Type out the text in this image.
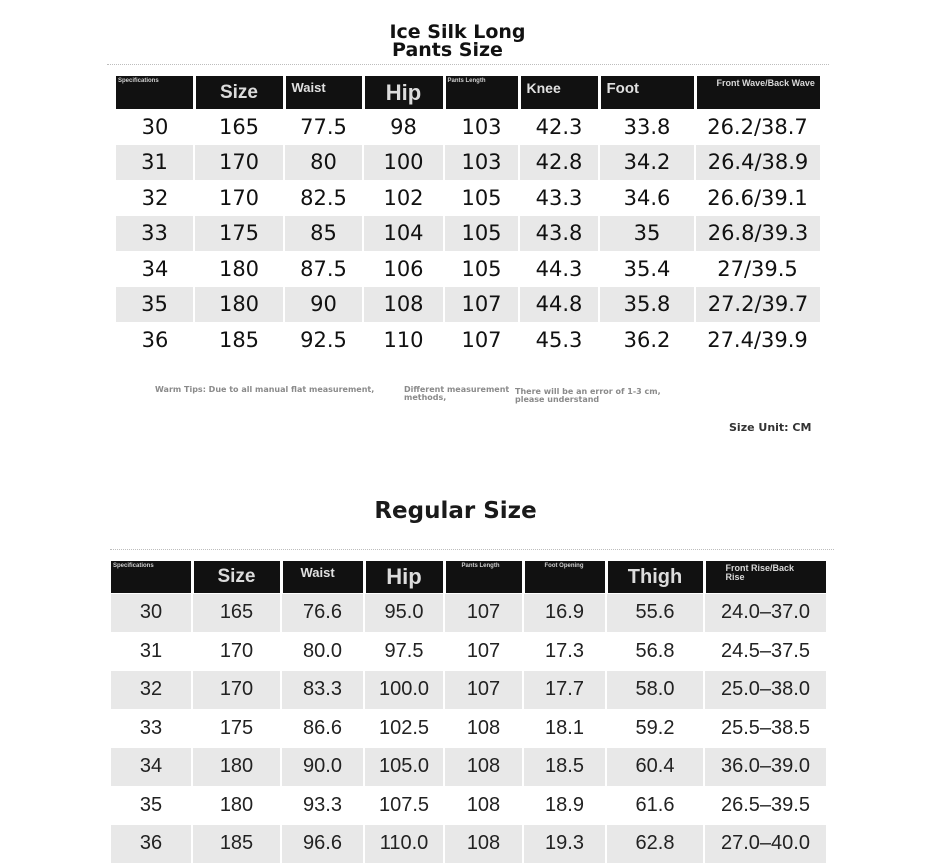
Ice Silk Long
Pants Size
Specifications	Size	Waist	Hip	Pants Length	Knee	Foot	Front Wave/Back Wave

30	165	77.5	98	103	42.3	33.8	26.2/38.7
31	170	80	100	103	42.8	34.2	26.4/38.9
32	170	82.5	102	105	43.3	34.6	26.6/39.1
33	175	85	104	105	43.8	35	26.8/39.3
34	180	87.5	106	105	44.3	35.4	27/39.5
35	180	90	108	107	44.8	35.8	27.2/39.7
36	185	92.5	110	107	45.3	36.2	27.4/39.9
Warm Tips: Due to all manual flat measurement,	Different measurement methods,
There will be an error of 1-3 cm, please understand
Size Unit: CM
Regular Size
Specifications	Size	Waist	Hip	Pants Length	Foot Opening	Thigh	Front Rise/Back Rise

30	165	76.6	95.0	107	16.9	55.6	24.0–37.0
31	170	80.0	97.5	107	17.3	56.8	24.5–37.5
32	170	83.3	100.0	107	17.7	58.0	25.0–38.0
33	175	86.6	102.5	108	18.1	59.2	25.5–38.5
34	180	90.0	105.0	108	18.5	60.4	36.0–39.0
35	180	93.3	107.5	108	18.9	61.6	26.5–39.5
36	185	96.6	110.0	108	19.3	62.8	27.0–40.0
